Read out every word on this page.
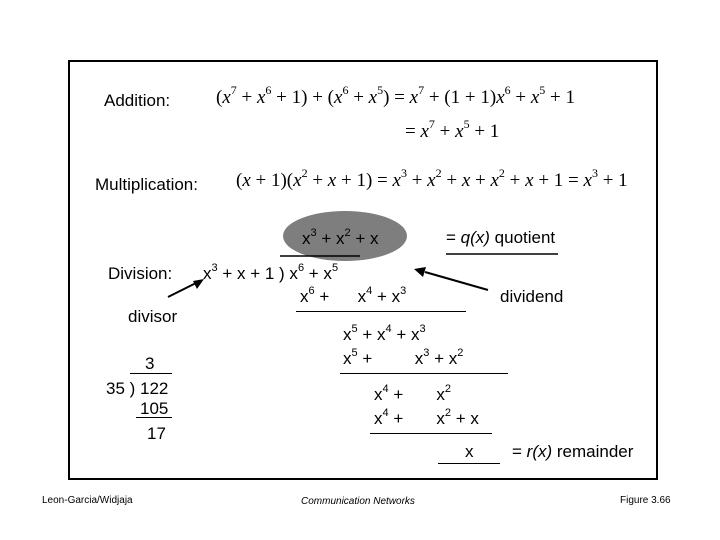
Addition: $(x^7 + x^6 + 1) + (x^6 + x^5) = x^7 + (1 + 1)x^6 + x^5 + 1$
= $x^7 + x^5 + 1$
Multiplication: $(x + 1)(x^2 + x + 1) = x^3 + x^2 + x + x^2 + x + 1 = x^3 + 1$
Division:
$x^3 + x^2 + x$	= q(x) quotient
$x^3 + x + 1$ ) $x^6 + x^5$
$x^6$ +      $x^4 + x^3$	dividend
divisor
$x^5 + x^4 + x^3$
$x^5$ +         $x^3 + x^2$
$x^4$ +       $x^2$
$x^4$ +       $x^2 + x$
x = r(x) remainder
3
35 ) 122
105
17
Leon-Garcia/Widjaja	Communication Networks	Figure 3.66
